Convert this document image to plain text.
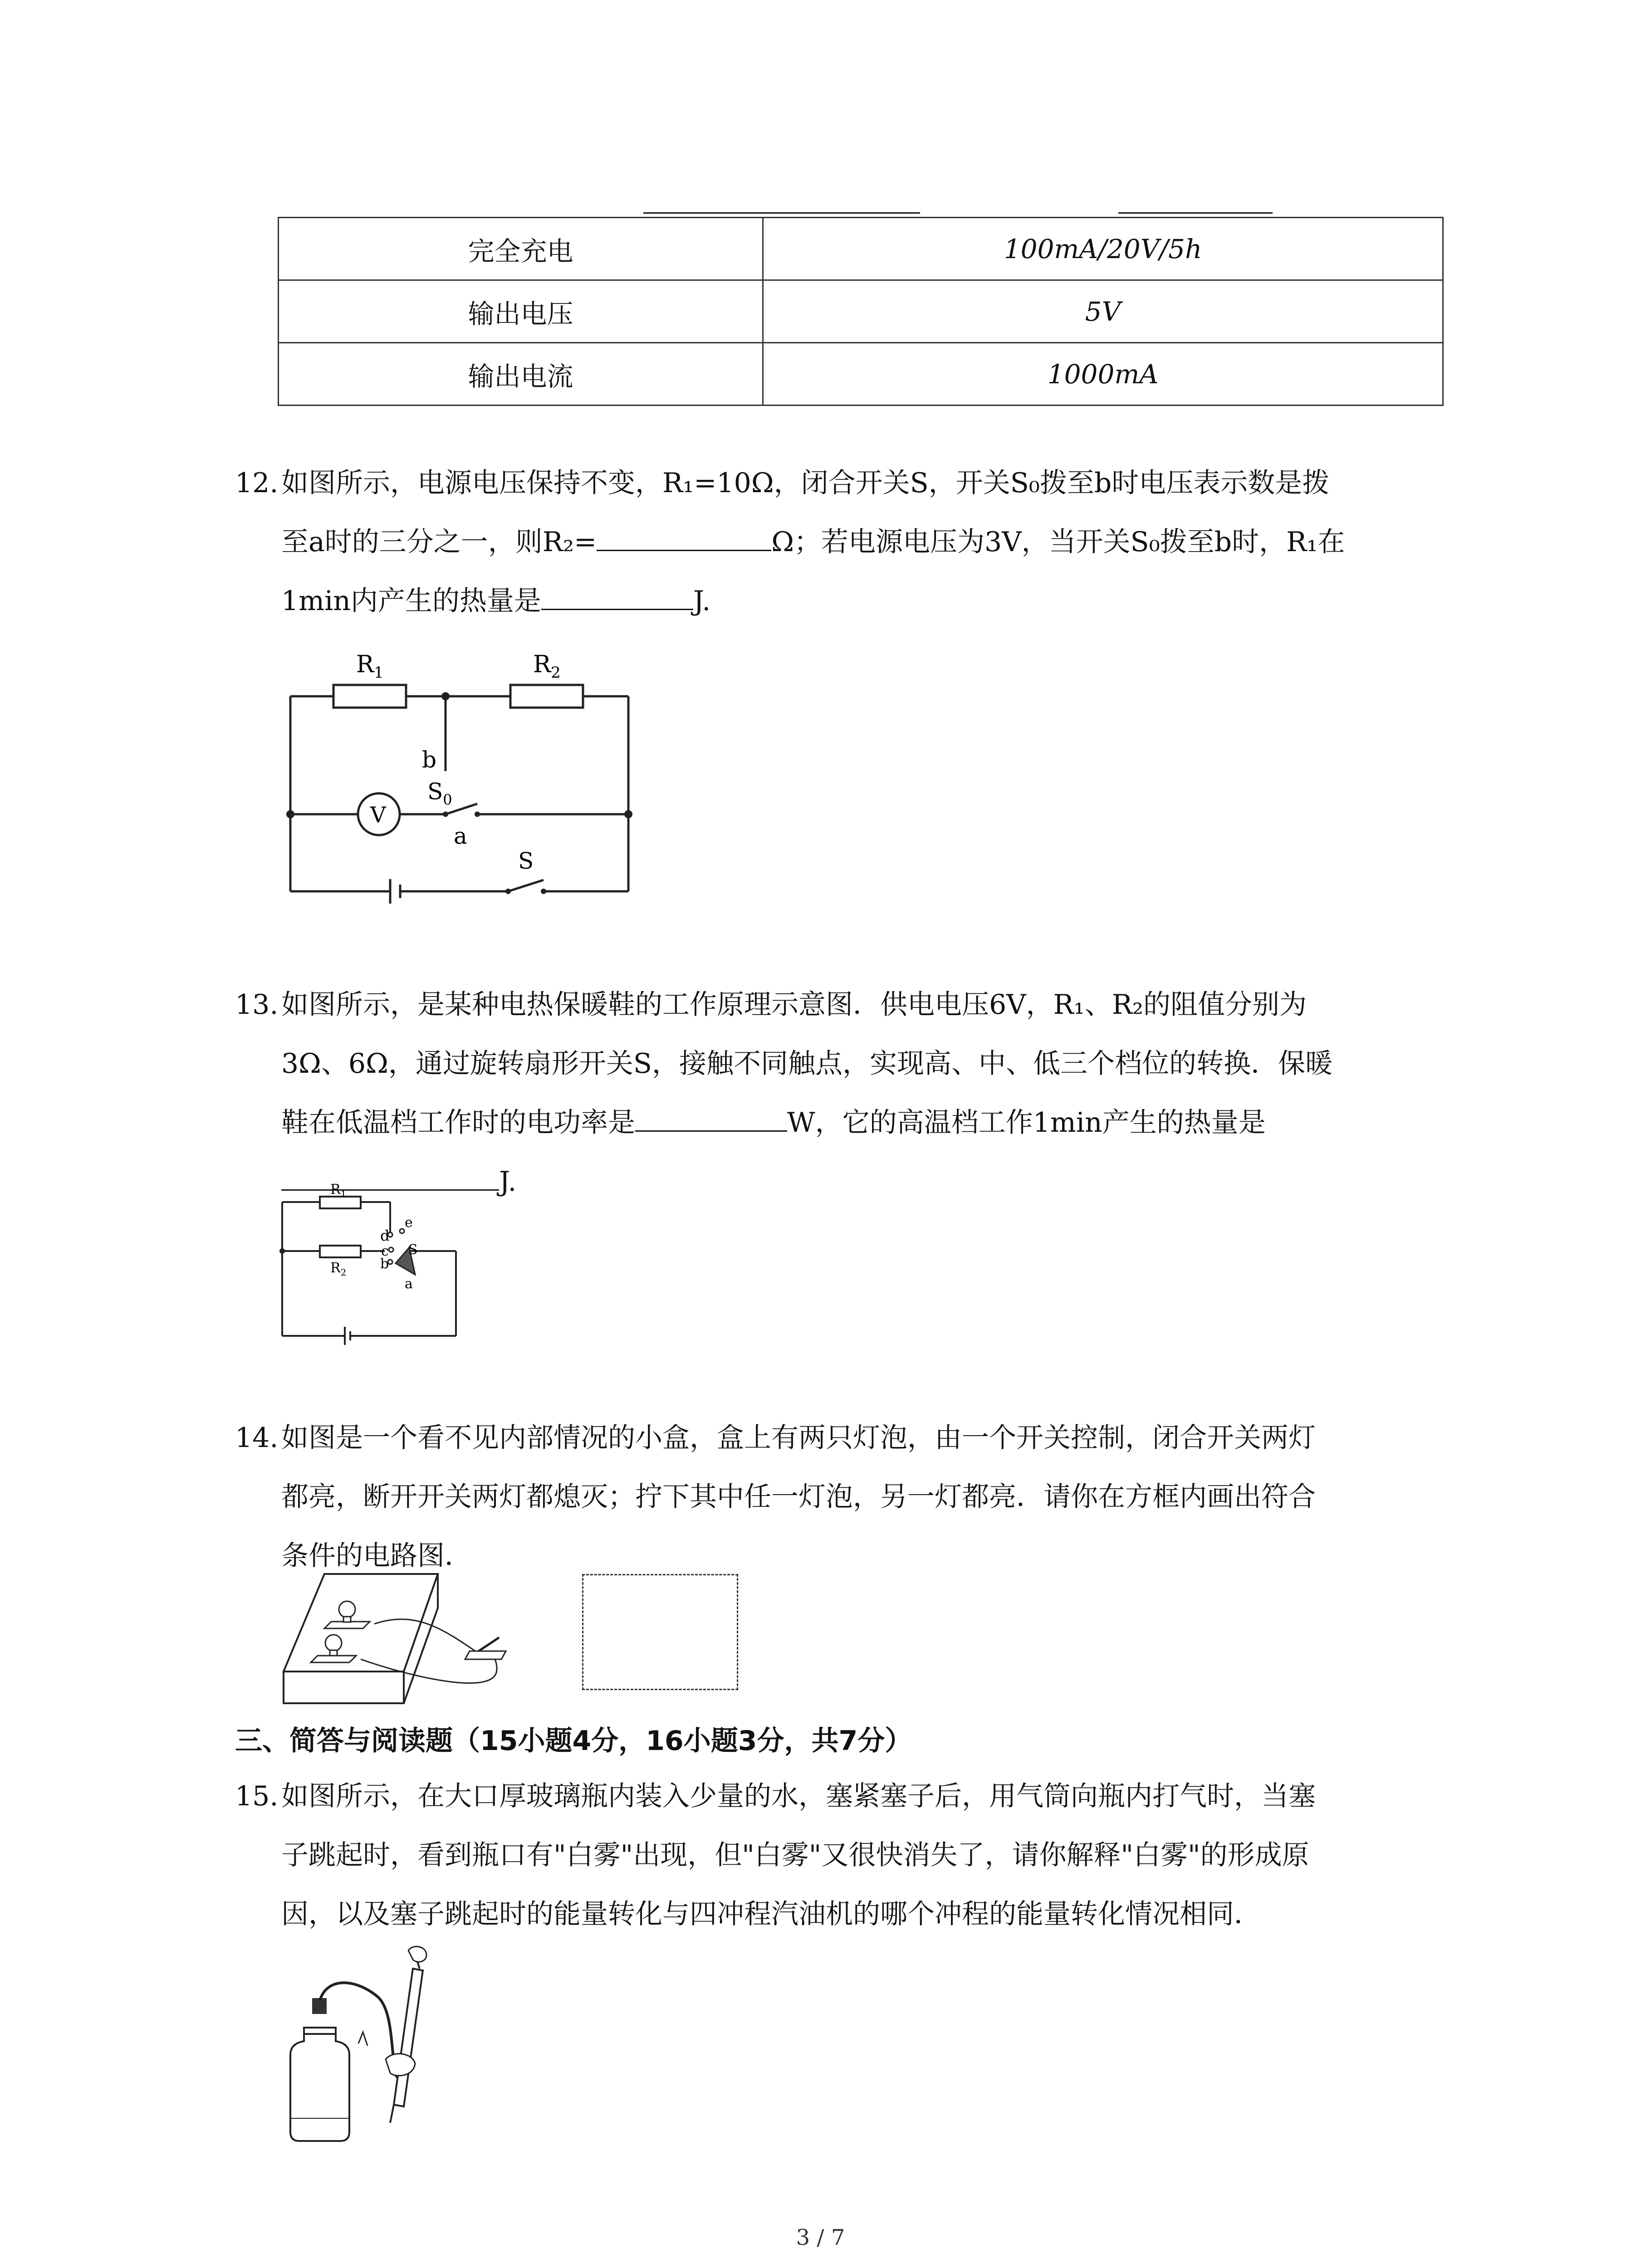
完全充电	100mA/20V/5h
输出电压	5V
输出电流	1000mA
12. 如图所示，电源电压保持不变，R₁=10Ω，闭合开关S，开关S₀拨至b时电压表示数是拨
至a时的三分之一，则R₂=	Ω；若电源电压为3V，当开关S₀拨至b时，R₁在
1min内产生的热量是	J.
$R_1$	$R_2$
b
$S_0$
a
V
S
13. 如图所示，是某种电热保暖鞋的工作原理示意图．供电电压6V，R₁、R₂的阻值分别为
3Ω、6Ω，通过旋转扇形开关S，接触不同触点，实现高、中、低三个档位的转换．保暖
鞋在低温档工作时的电功率是	W，它的高温档工作1min产生的热量是
J.
$R_1$
$R_2$
d
e
c
b
S
a
14. 如图是一个看不见内部情况的小盒，盒上有两只灯泡，由一个开关控制，闭合开关两灯
都亮，断开开关两灯都熄灭；拧下其中任一灯泡，另一灯都亮．请你在方框内画出符合
条件的电路图．
三、简答与阅读题（15小题4分，16小题3分，共7分）
15. 如图所示，在大口厚玻璃瓶内装入少量的水，塞紧塞子后，用气筒向瓶内打气时，当塞
子跳起时，看到瓶口有"白雾"出现，但"白雾"又很快消失了，请你解释"白雾"的形成原
因，以及塞子跳起时的能量转化与四冲程汽油机的哪个冲程的能量转化情况相同．
3 / 7
